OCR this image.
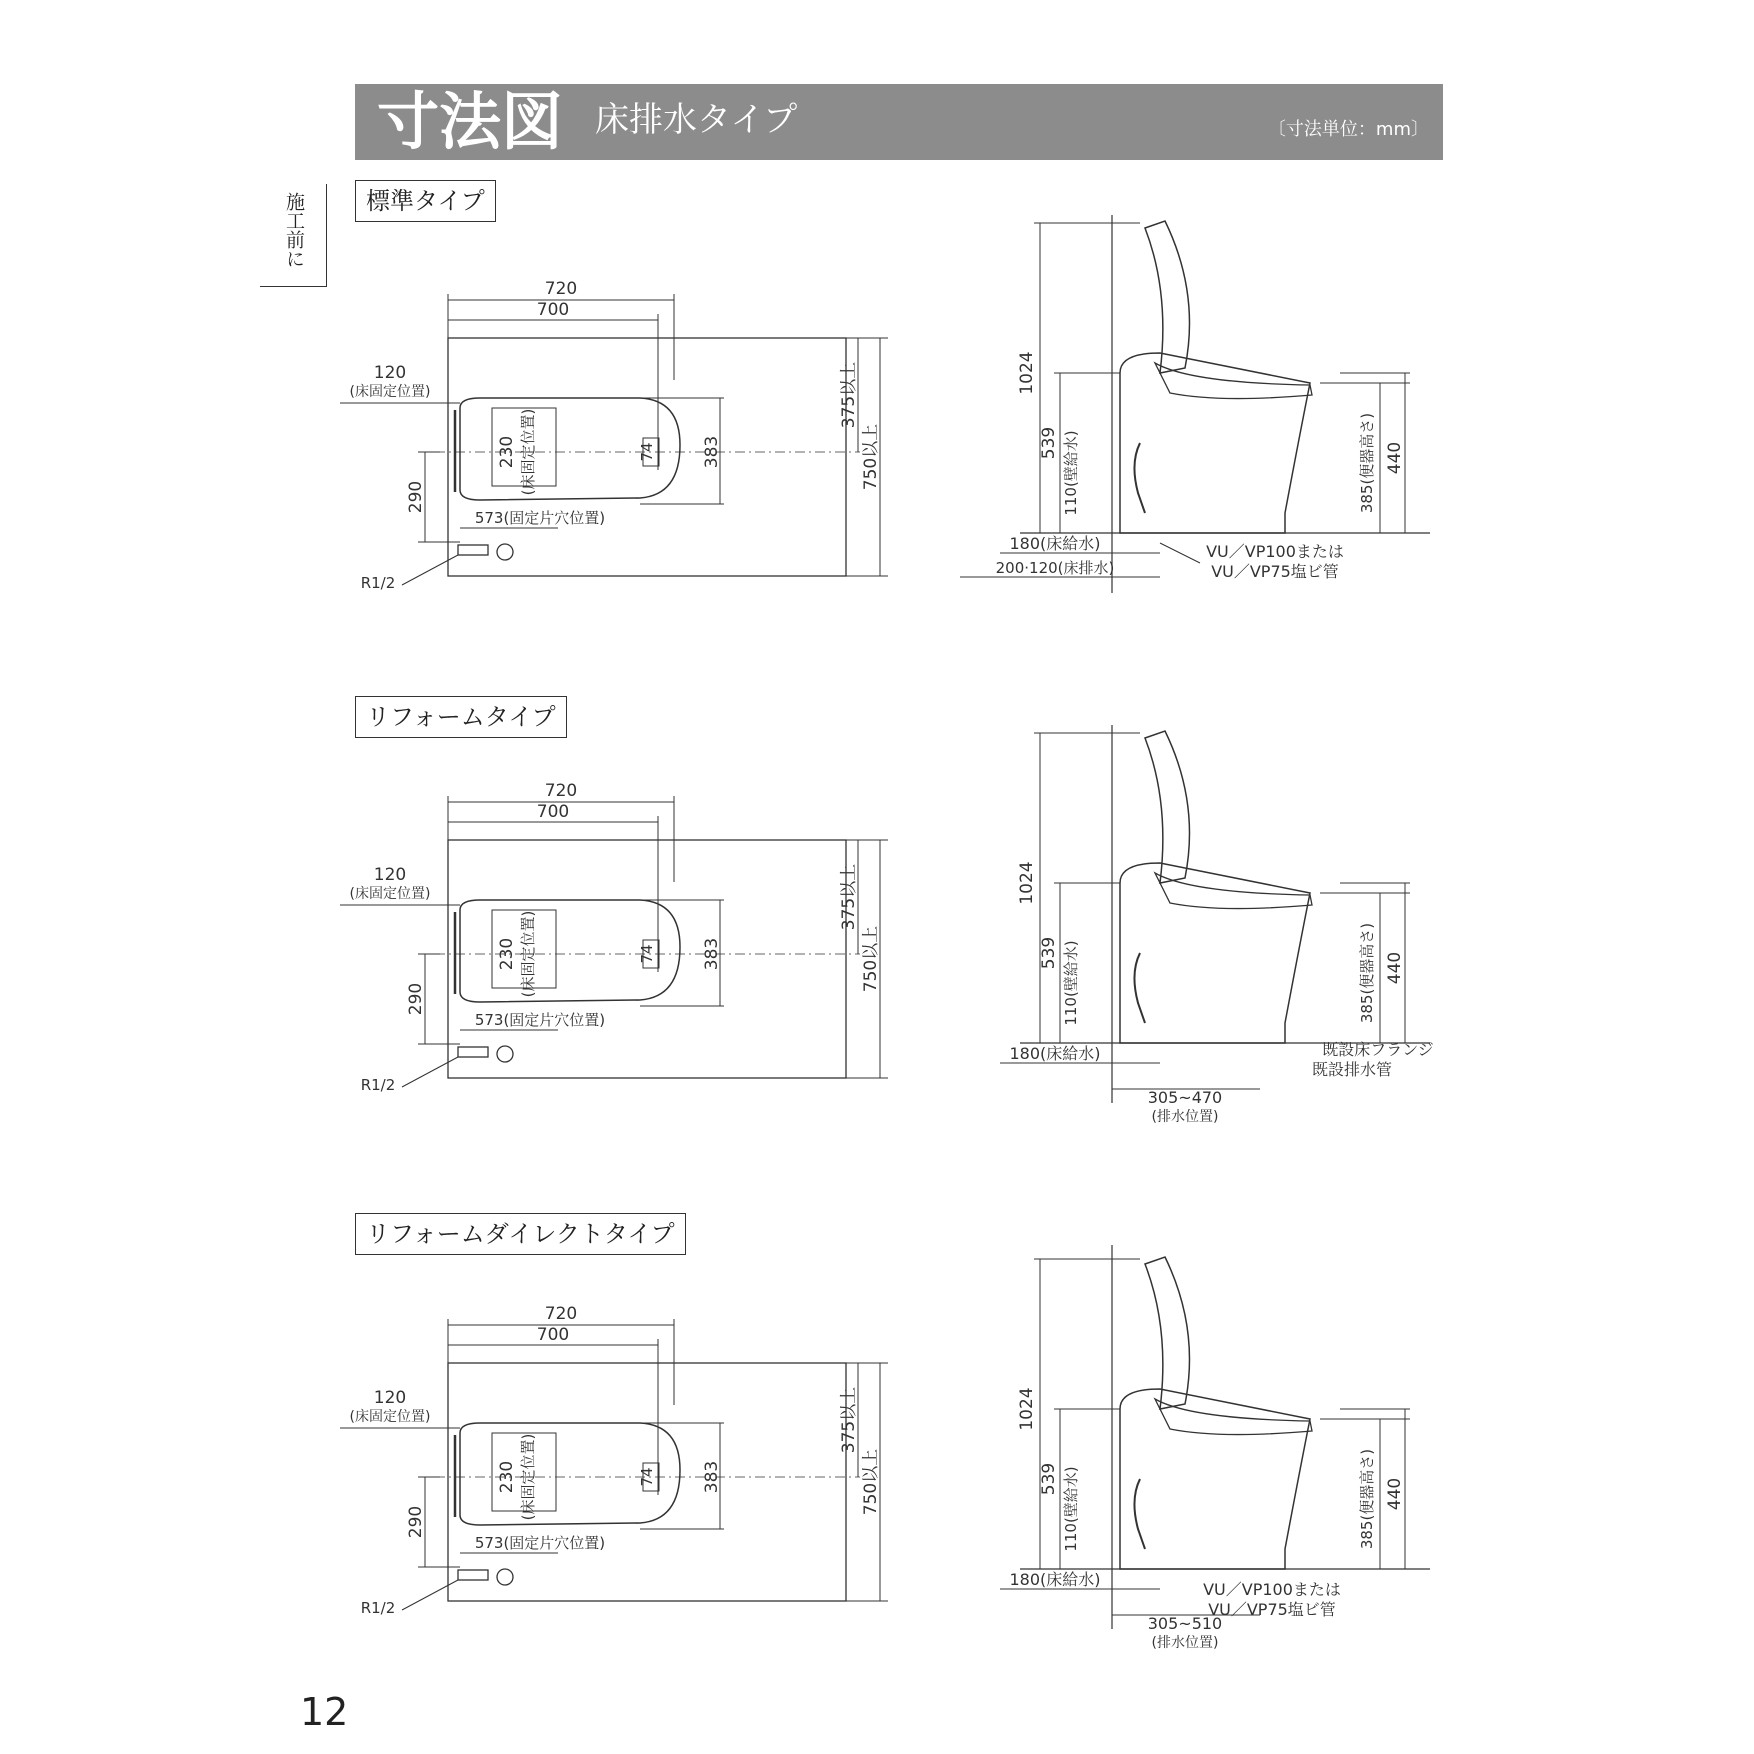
寸法図 床排水タイプ	〔寸法単位：mm〕
施工前に	標準タイプ
リフォームタイプ
リフォームダイレクトタイプ
720
700
74
230 (床固定位置)	383
375以上
750以上
120
(床固定位置)
290
573(固定片穴位置)
R1/2
720
700
74
230 (床固定位置)	383
375以上
750以上
120
(床固定位置)
290
573(固定片穴位置)
R1/2
720
700
74
230 (床固定位置)	383
375以上
750以上
120
(床固定位置)
290
573(固定片穴位置)
R1/2
1024
539 110(壁給水)	385(便器高さ) 440
180(床給水)
200·120(床排水)
VU／VP100または
VU／VP75塩ビ管
1024
539 110(壁給水)	385(便器高さ) 440
180(床給水)
305~470
(排水位置)
既設床フランジ
既設排水管
1024
539 110(壁給水)	385(便器高さ) 440
180(床給水)
305~510
(排水位置)
VU／VP100または
VU／VP75塩ビ管
12
